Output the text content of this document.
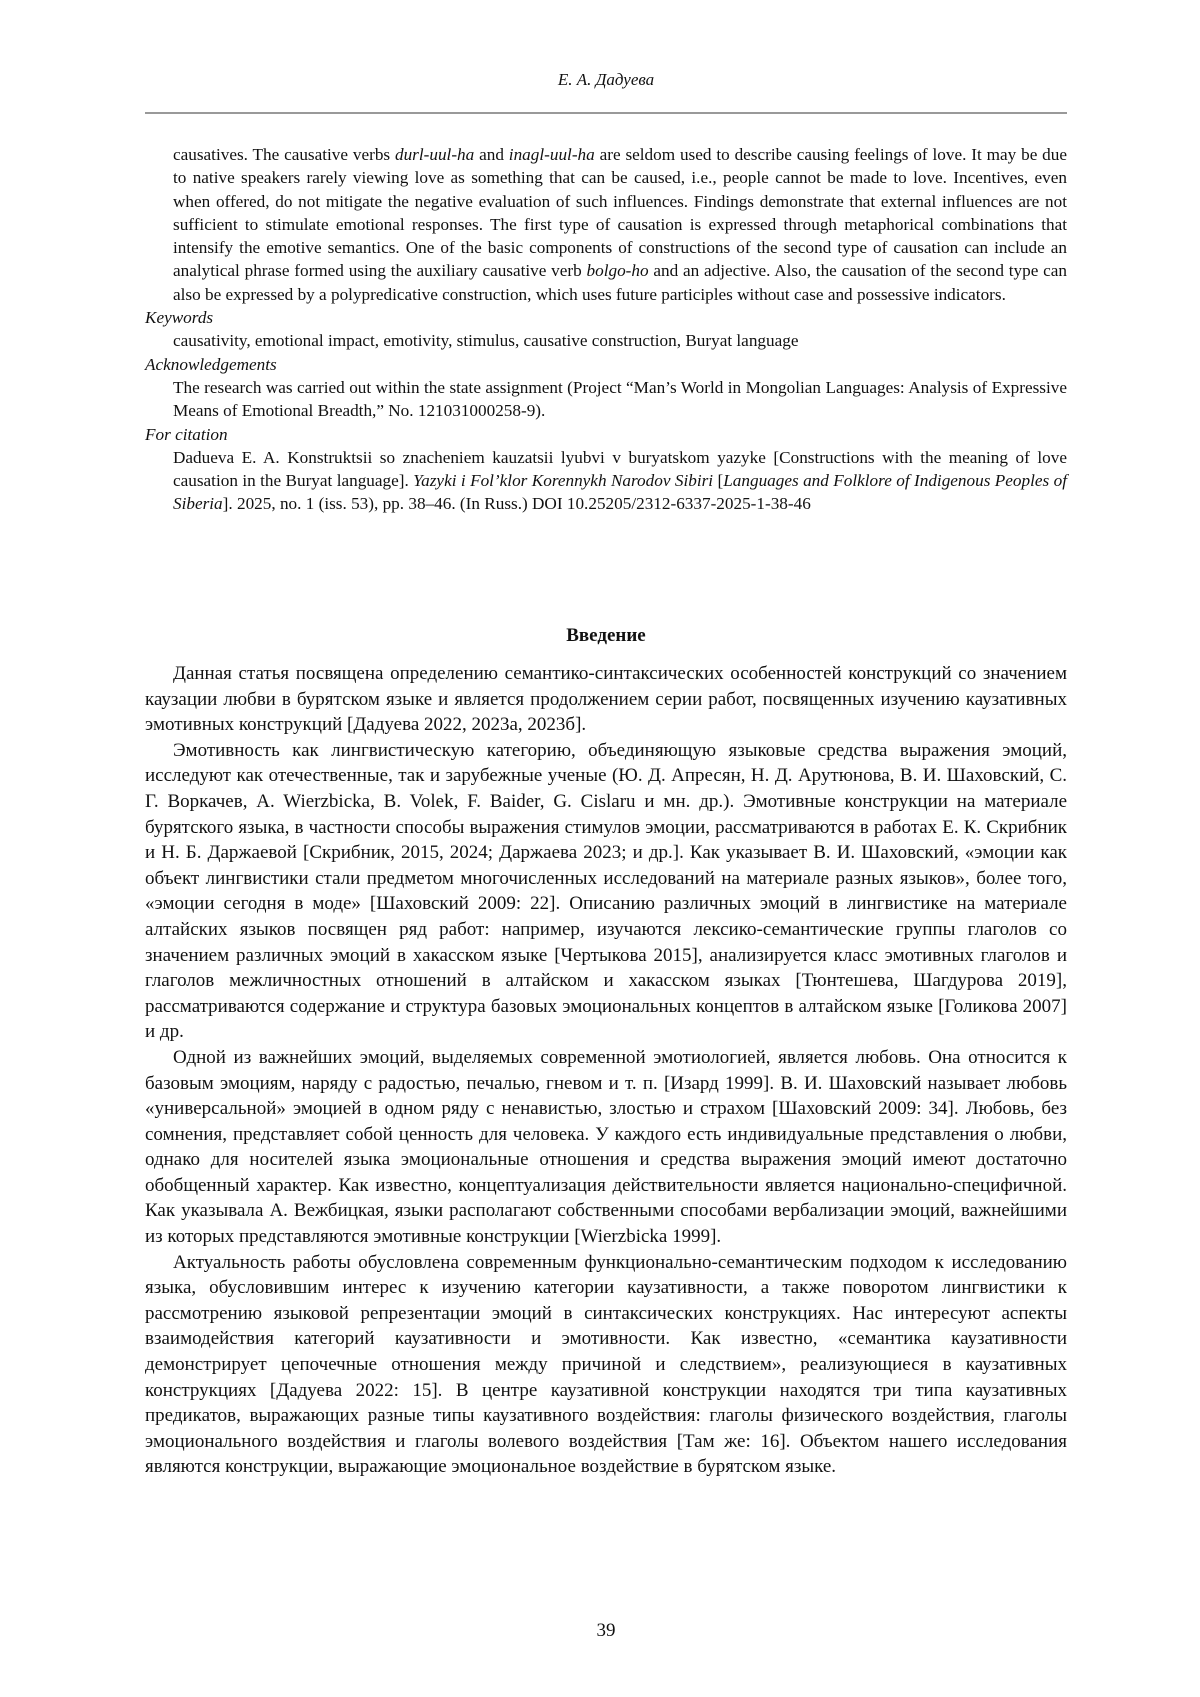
Е. А. Дадуева

causatives. The causative verbs durl-uul-ha and inagl-uul-ha are seldom used to describe causing feelings of love. It may be due to native speakers rarely viewing love as something that can be caused, i.e., people cannot be made to love. Incentives, even when offered, do not mitigate the negative evaluation of such influences. Findings demonstrate that external influences are not sufficient to stimulate emotional responses. The first type of causation is expressed through metaphorical combinations that intensify the emotive semantics. One of the basic components of constructions of the second type of causation can include an analytical phrase formed using the auxiliary causative verb bolgo-ho and an adjective. Also, the causation of the second type can also be expressed by a polypredicative construction, which uses future participles without case and possessive indicators.

Keywords

causativity, emotional impact, emotivity, stimulus, causative construction, Buryat language

Acknowledgements

The research was carried out within the state assignment (Project “Man’s World in Mongolian Languages: Analysis of Expressive Means of Emotional Breadth,” No. 121031000258-9).

For citation

Dadueva E. A. Konstruktsii so znacheniem kauzatsii lyubvi v buryatskom yazyke [Constructions with the meaning of love causation in the Buryat language]. Yazyki i Fol’klor Korennykh Narodov Sibiri [Languages and Folklore of Indigenous Peoples of Siberia]. 2025, no. 1 (iss. 53), pp. 38–46. (In Russ.) DOI 10.25205/2312-6337-2025-1-38-46

Введение

Данная статья посвящена определению семантико-синтаксических особенностей конструкций со значением каузации любви в бурятском языке и является продолжением серии работ, посвященных изучению каузативных эмотивных конструкций [Дадуева 2022, 2023а, 2023б].

Эмотивность как лингвистическую категорию, объединяющую языковые средства выражения эмоций, исследуют как отечественные, так и зарубежные ученые (Ю. Д. Апресян, Н. Д. Арутюнова, В. И. Шаховский, С. Г. Воркачев, A. Wierzbicka, B. Volek, F. Baider, G. Cislaru и мн. др.). Эмотивные конструкции на материале бурятского языка, в частности способы выражения стимулов эмоции, рассматриваются в работах Е. К. Скрибник и Н. Б. Даржаевой [Скрибник, 2015, 2024; Даржаева 2023; и др.]. Как указывает В. И. Шаховский, «эмоции как объект лингвистики стали предметом многочисленных исследований на материале разных языков», более того, «эмоции сегодня в моде» [Шаховский 2009: 22]. Описанию различных эмоций в лингвистике на материале алтайских языков посвящен ряд работ: например, изучаются лексико-семантические группы глаголов со значением различных эмоций в хакасском языке [Чертыкова 2015], анализируется класс эмотивных глаголов и глаголов межличностных отношений в алтайском и хакасском языках [Тюнтешева, Шагдурова 2019], рассматриваются содержание и структура базовых эмоциональных концептов в алтайском языке [Голикова 2007] и др.

Одной из важнейших эмоций, выделяемых современной эмотиологией, является любовь. Она относится к базовым эмоциям, наряду с радостью, печалью, гневом и т. п. [Изард 1999]. В. И. Шаховский называет любовь «универсальной» эмоцией в одном ряду с ненавистью, злостью и страхом [Шаховский 2009: 34]. Любовь, без сомнения, представляет собой ценность для человека. У каждого есть индивидуальные представления о любви, однако для носителей языка эмоциональные отношения и средства выражения эмоций имеют достаточно обобщенный характер. Как известно, концептуализация действительности является национально-специфичной. Как указывала А. Вежбицкая, языки располагают собственными способами вербализации эмоций, важнейшими из которых представляются эмотивные конструкции [Wierzbicka 1999].

Актуальность работы обусловлена современным функционально-семантическим подходом к исследованию языка, обусловившим интерес к изучению категории каузативности, а также поворотом лингвистики к рассмотрению языковой репрезентации эмоций в синтаксических конструкциях. Нас интересуют аспекты взаимодействия категорий каузативности и эмотивности. Как известно, «семантика каузативности демонстрирует цепочечные отношения между причиной и следствием», реализующиеся в каузативных конструкциях [Дадуева 2022: 15]. В центре каузативной конструкции находятся три типа каузативных предикатов, выражающих разные типы каузативного воздействия: глаголы физического воздействия, глаголы эмоционального воздействия и глаголы волевого воздействия [Там же: 16]. Объектом нашего исследования являются конструкции, выражающие эмоциональное воздействие в бурятском языке.

39
